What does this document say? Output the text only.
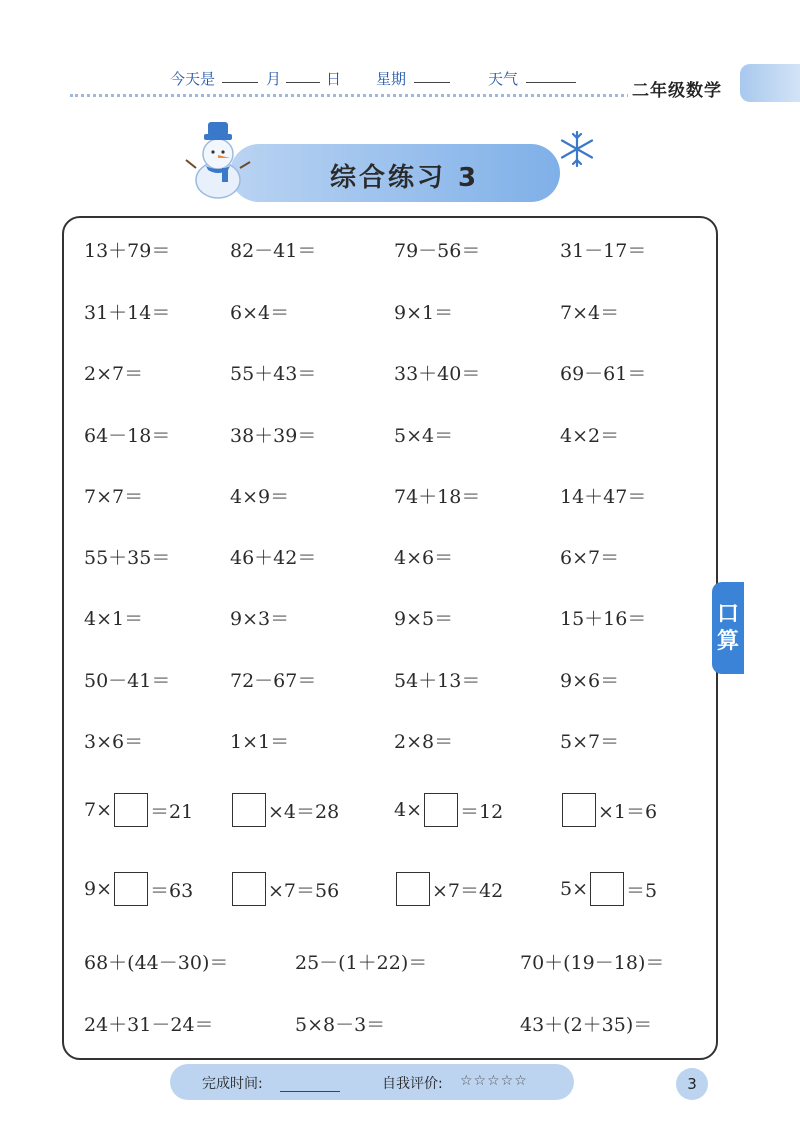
今天是	月	日 星期	天气
二年级数学
综合练习 3
13＋79＝	82－41＝	79－56＝	31－17＝
31＋14＝	6×4＝	9×1＝	7×4＝
2×7＝	55＋43＝	33＋40＝	69－61＝
64－18＝	38＋39＝	5×4＝	4×2＝
7×7＝	4×9＝	74＋18＝	14＋47＝
55＋35＝	46＋42＝	4×6＝	6×7＝
4×1＝	9×3＝	9×5＝	15＋16＝
50－41＝	72－67＝	54＋13＝	9×6＝
3×6＝	1×1＝	2×8＝	5×7＝
7× ＝21	×4＝28	4× ＝12	×1＝6
9× ＝63	×7＝56	×7＝42	5× ＝5
68＋(44－30)＝	25－(1＋22)＝	70＋(19－18)＝
24＋31－24＝	5×8－3＝	43＋(2＋35)＝
口
算
完成时间:	自我评价: ☆☆☆☆☆	3
